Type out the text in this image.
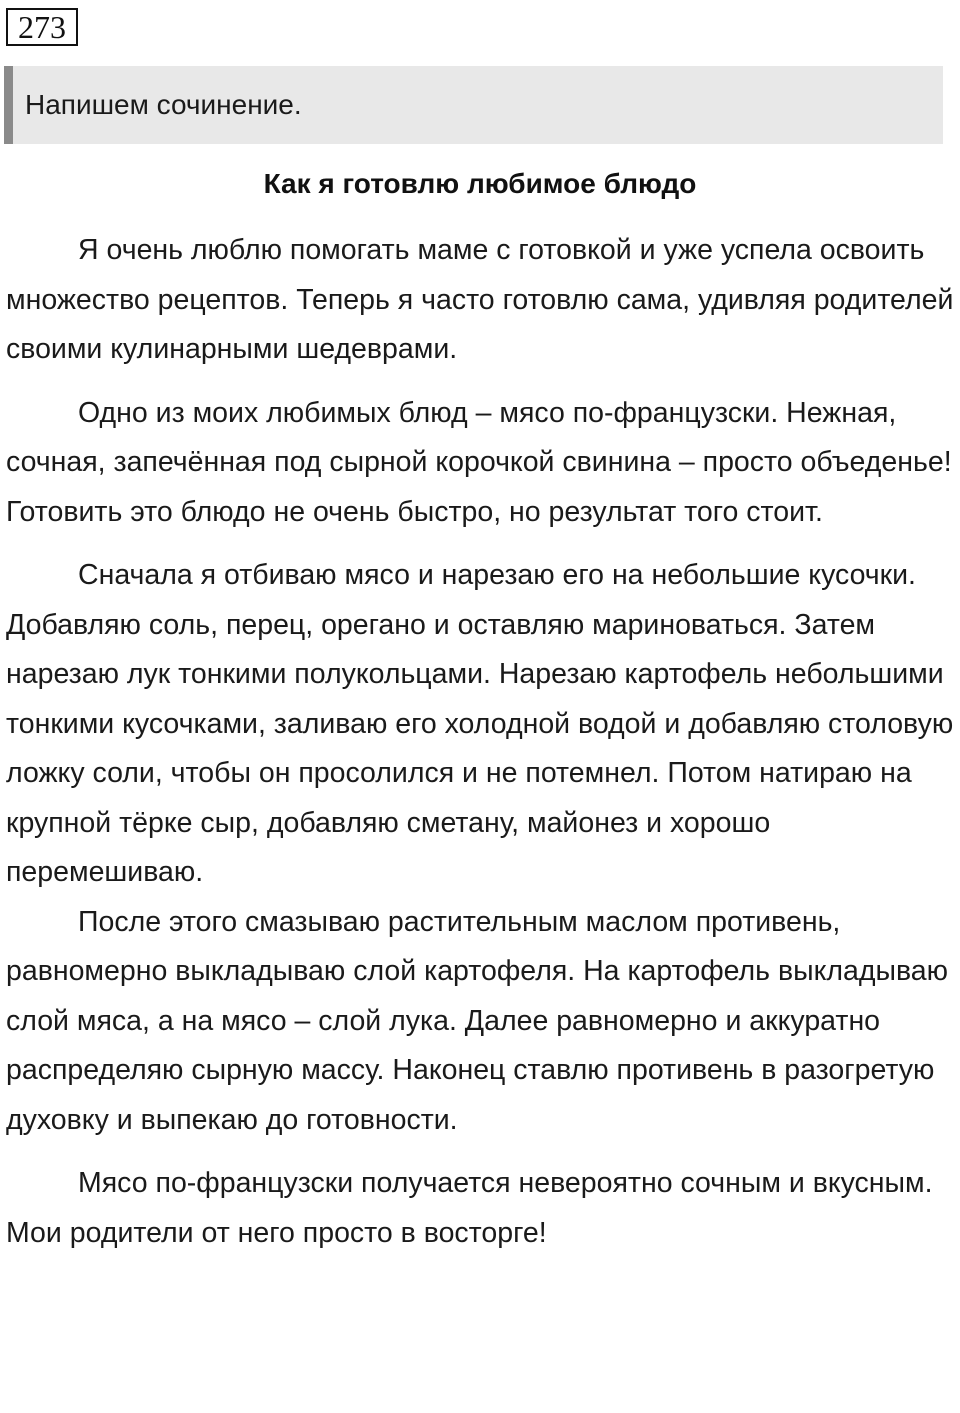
273
Напишем сочинение.
Как я готовлю любимое блюдо

Я очень люблю помогать маме с готовкой и уже успела освоить множество рецептов. Теперь я часто готовлю сама, удивляя родителей своими кулинарными шедеврами.

Одно из моих любимых блюд – мясо по-французски. Нежная, сочная, запечённая под сырной корочкой свинина – просто объеденье! Готовить это блюдо не очень быстро, но результат того стоит.

Сначала я отбиваю мясо и нарезаю его на небольшие кусочки. Добавляю соль, перец, орегано и оставляю мариноваться. Затем нарезаю лук тонкими полукольцами. Нарезаю картофель небольшими тонкими кусочками, заливаю его холодной водой и добавляю столовую ложку соли, чтобы он просолился и не потемнел. Потом натираю на крупной тёрке сыр, добавляю сметану, майонез и хорошо перемешиваю.

После этого смазываю растительным маслом противень, равномерно выкладываю слой картофеля. На картофель выкладываю слой мяса, а на мясо – слой лука. Далее равномерно и аккуратно распределяю сырную массу. Наконец ставлю противень в разогретую духовку и выпекаю до готовности.

Мясо по-французски получается невероятно сочным и вкусным. Мои родители от него просто в восторге!
